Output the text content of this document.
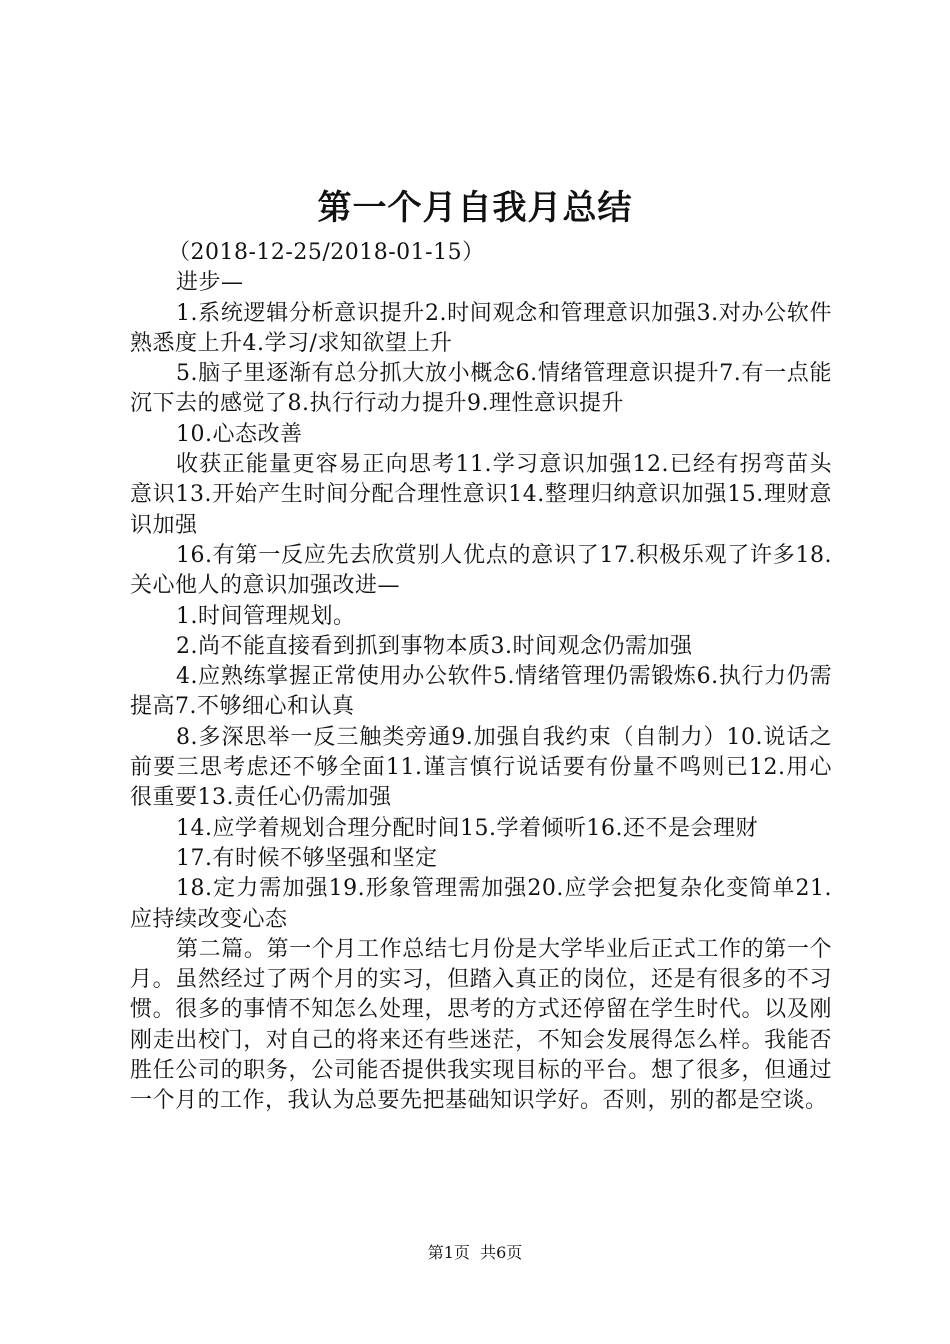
第一个月自我月总结

（2018-12-25/2018-01-15）

进步—

1.系统逻辑分析意识提升2.时间观念和管理意识加强3.对办公软件熟悉度上升4.学习/求知欲望上升

5.脑子里逐渐有总分抓大放小概念6.情绪管理意识提升7.有一点能沉下去的感觉了8.执行行动力提升9.理性意识提升

10.心态改善

收获正能量更容易正向思考11.学习意识加强12.已经有拐弯苗头意识13.开始产生时间分配合理性意识14.整理归纳意识加强15.理财意识加强

16.有第一反应先去欣赏别人优点的意识了17.积极乐观了许多18.关心他人的意识加强改进—

1.时间管理规划。

2.尚不能直接看到抓到事物本质3.时间观念仍需加强

4.应熟练掌握正常使用办公软件5.情绪管理仍需锻炼6.执行力仍需提高7.不够细心和认真

8.多深思举一反三触类旁通9.加强自我约束（自制力）10.说话之前要三思考虑还不够全面11.谨言慎行说话要有份量不鸣则已12.用心很重要13.责任心仍需加强

14.应学着规划合理分配时间15.学着倾听16.还不是会理财

17.有时候不够坚强和坚定

18.定力需加强19.形象管理需加强20.应学会把复杂化变简单21.应持续改变心态

第二篇。第一个月工作总结七月份是大学毕业后正式工作的第一个月。虽然经过了两个月的实习，但踏入真正的岗位，还是有很多的不习惯。很多的事情不知怎么处理，思考的方式还停留在学生时代。以及刚刚走出校门，对自己的将来还有些迷茫，不知会发展得怎么样。我能否胜任公司的职务，公司能否提供我实现目标的平台。想了很多，但通过一个月的工作，我认为总要先把基础知识学好。否则，别的都是空谈。

第1页  共6页
